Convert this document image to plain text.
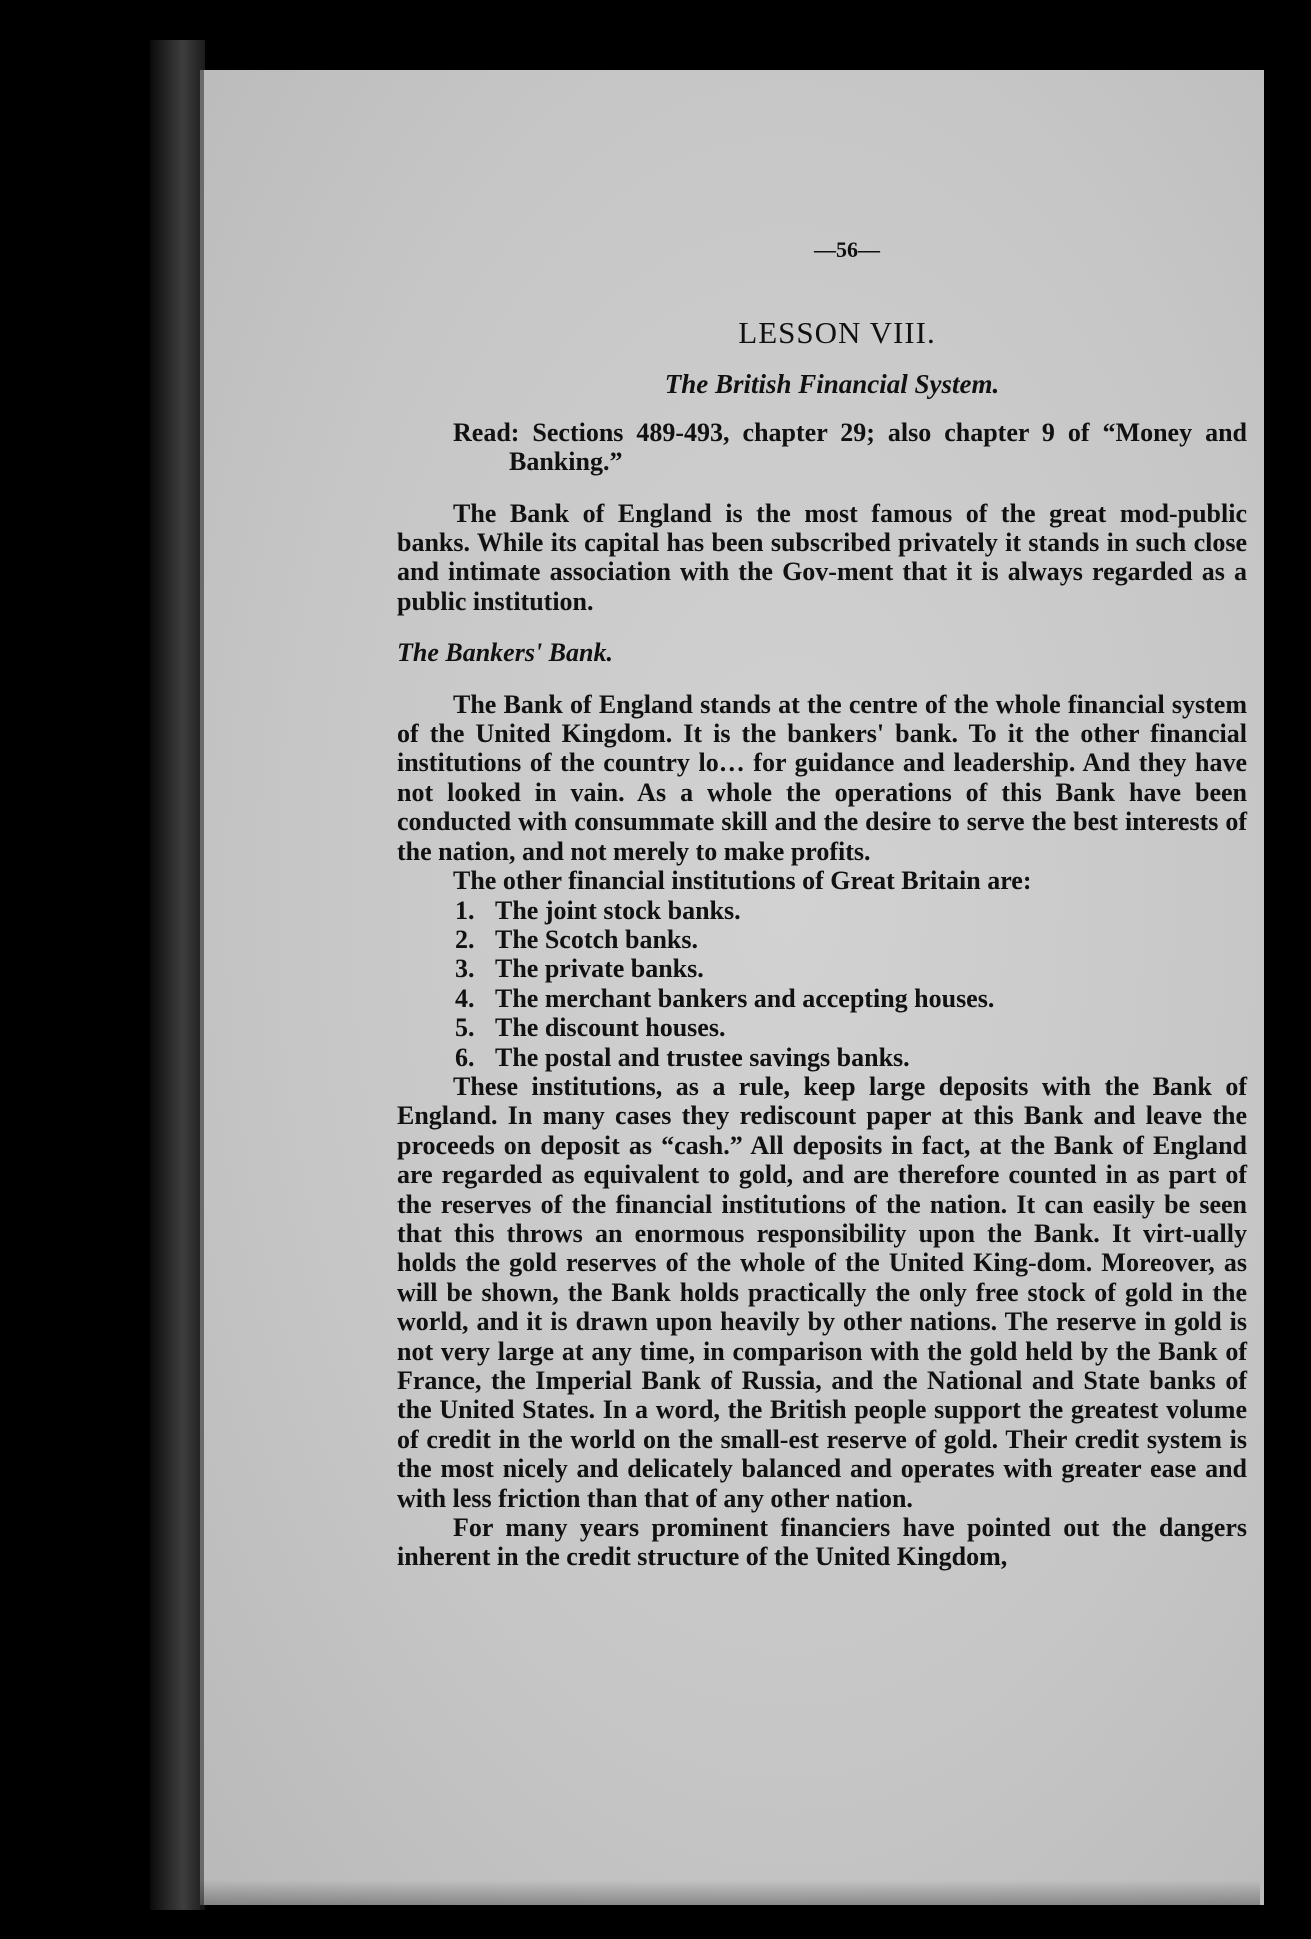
—56—

LESSON VIII.
The British Financial System.

Read: Sections 489-493, chapter 29; also chapter 9 of “Money and Banking.”

The Bank of England is the most famous of the great mod-public banks. While its capital has been subscribed privately it stands in such close and intimate association with the Gov-ment that it is always regarded as a public institution.

The Bankers' Bank.

The Bank of England stands at the centre of the whole financial system of the United Kingdom. It is the bankers' bank. To it the other financial institutions of the country lo… for guidance and leadership. And they have not looked in vain. As a whole the operations of this Bank have been conducted with consummate skill and the desire to serve the best interests of the nation, and not merely to make profits.

The other financial institutions of Great Britain are:

1. The joint stock banks.
2. The Scotch banks.
3. The private banks.
4. The merchant bankers and accepting houses.
5. The discount houses.
6. The postal and trustee savings banks.

These institutions, as a rule, keep large deposits with the Bank of England. In many cases they rediscount paper at this Bank and leave the proceeds on deposit as “cash.” All deposits in fact, at the Bank of England are regarded as equivalent to gold, and are therefore counted in as part of the reserves of the financial institutions of the nation. It can easily be seen that this throws an enormous responsibility upon the Bank. It virt-ually holds the gold reserves of the whole of the United King-dom. Moreover, as will be shown, the Bank holds practically the only free stock of gold in the world, and it is drawn upon heavily by other nations. The reserve in gold is not very large at any time, in comparison with the gold held by the Bank of France, the Imperial Bank of Russia, and the National and State banks of the United States. In a word, the British people support the greatest volume of credit in the world on the small-est reserve of gold. Their credit system is the most nicely and delicately balanced and operates with greater ease and with less friction than that of any other nation.

For many years prominent financiers have pointed out the dangers inherent in the credit structure of the United Kingdom,
